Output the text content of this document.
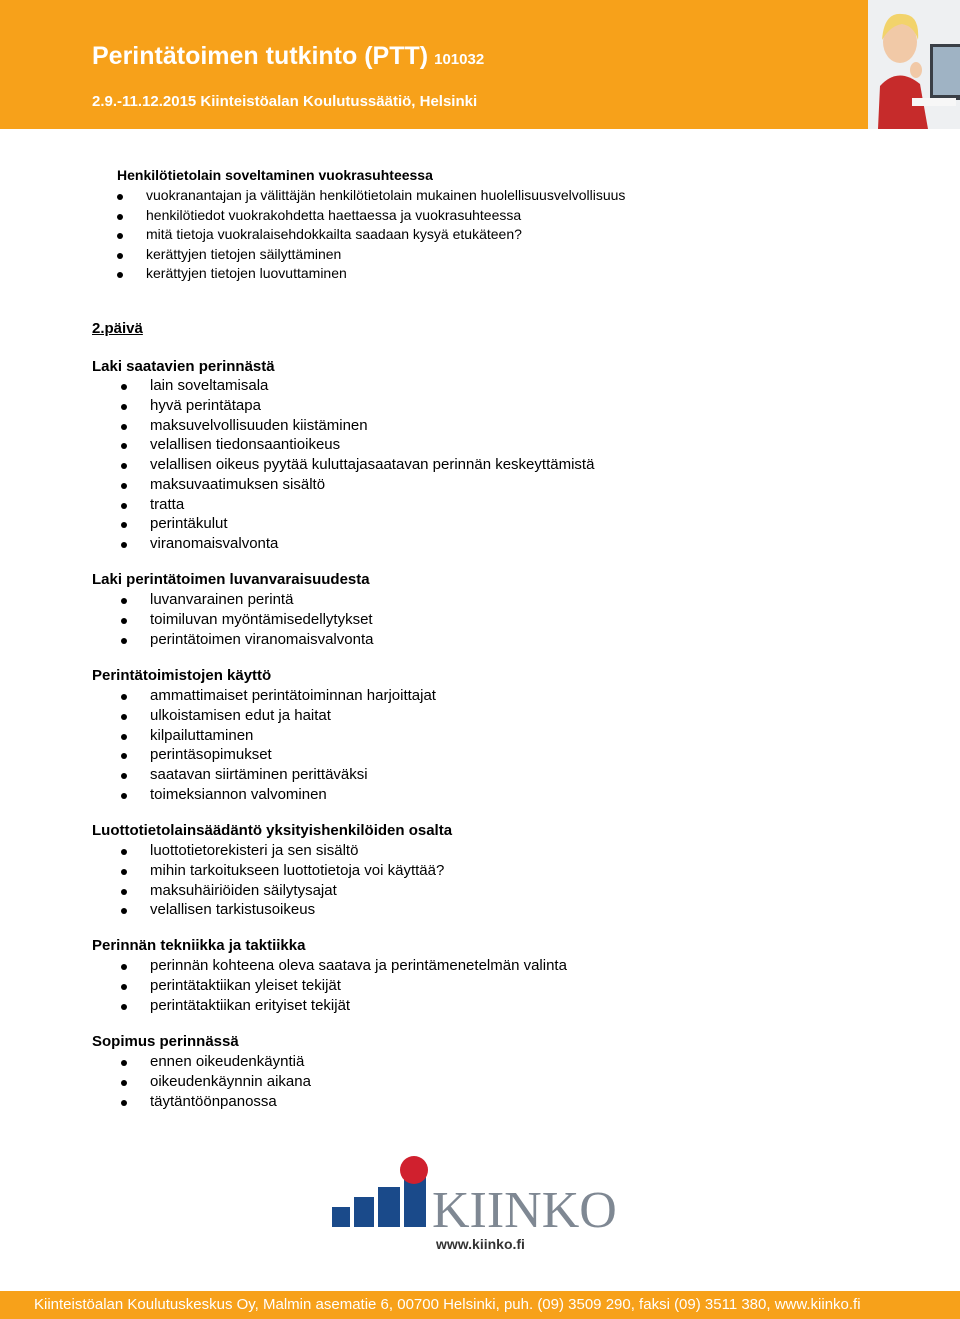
Perintätoimen tutkinto (PTT) 101032
2.9.-11.12.2015 Kiinteistöalan Koulutussäätiö, Helsinki
Henkilötietolain soveltaminen vuokrasuhteessa
vuokranantajan ja välittäjän henkilötietolain mukainen huolellisuusvelvollisuus
henkilötiedot vuokrakohdetta haettaessa ja vuokrasuhteessa
mitä tietoja vuokralaisehdokkailta saadaan kysyä etukäteen?
kerättyjen tietojen säilyttäminen
kerättyjen tietojen luovuttaminen
2.päivä
Laki saatavien perinnästä
lain soveltamisala
hyvä perintätapa
maksuvelvollisuuden kiistäminen
velallisen tiedonsaantioikeus
velallisen oikeus pyytää kuluttajasaatavan perinnän keskeyttämistä
maksuvaatimuksen sisältö
tratta
perintäkulut
viranomaisvalvonta
Laki perintätoimen luvanvaraisuudesta
luvanvarainen perintä
toimiluvan myöntämisedellytykset
perintätoimen viranomaisvalvonta
Perintätoimistojen käyttö
ammattimaiset perintätoiminnan harjoittajat
ulkoistamisen edut ja haitat
kilpailuttaminen
perintäsopimukset
saatavan siirtäminen perittäväksi
toimeksiannon valvominen
Luottotietolainsäädäntö yksityishenkilöiden osalta
luottotietorekisteri ja sen sisältö
mihin tarkoitukseen luottotietoja voi käyttää?
maksuhäiriöiden säilytysajat
velallisen tarkistusoikeus
Perinnän tekniikka ja taktiikka
perinnän kohteena oleva saatava ja perintämenetelmän valinta
perintätaktiikan yleiset tekijät
perintätaktiikan erityiset tekijät
Sopimus perinnässä
ennen oikeudenkäyntiä
oikeudenkäynnin aikana
täytäntöönpanossa
KIINKO
www.kiinko.fi
Kiinteistöalan Koulutuskeskus Oy, Malmin asematie 6, 00700 Helsinki, puh. (09) 3509 290, faksi (09) 3511 380, www.kiinko.fi
